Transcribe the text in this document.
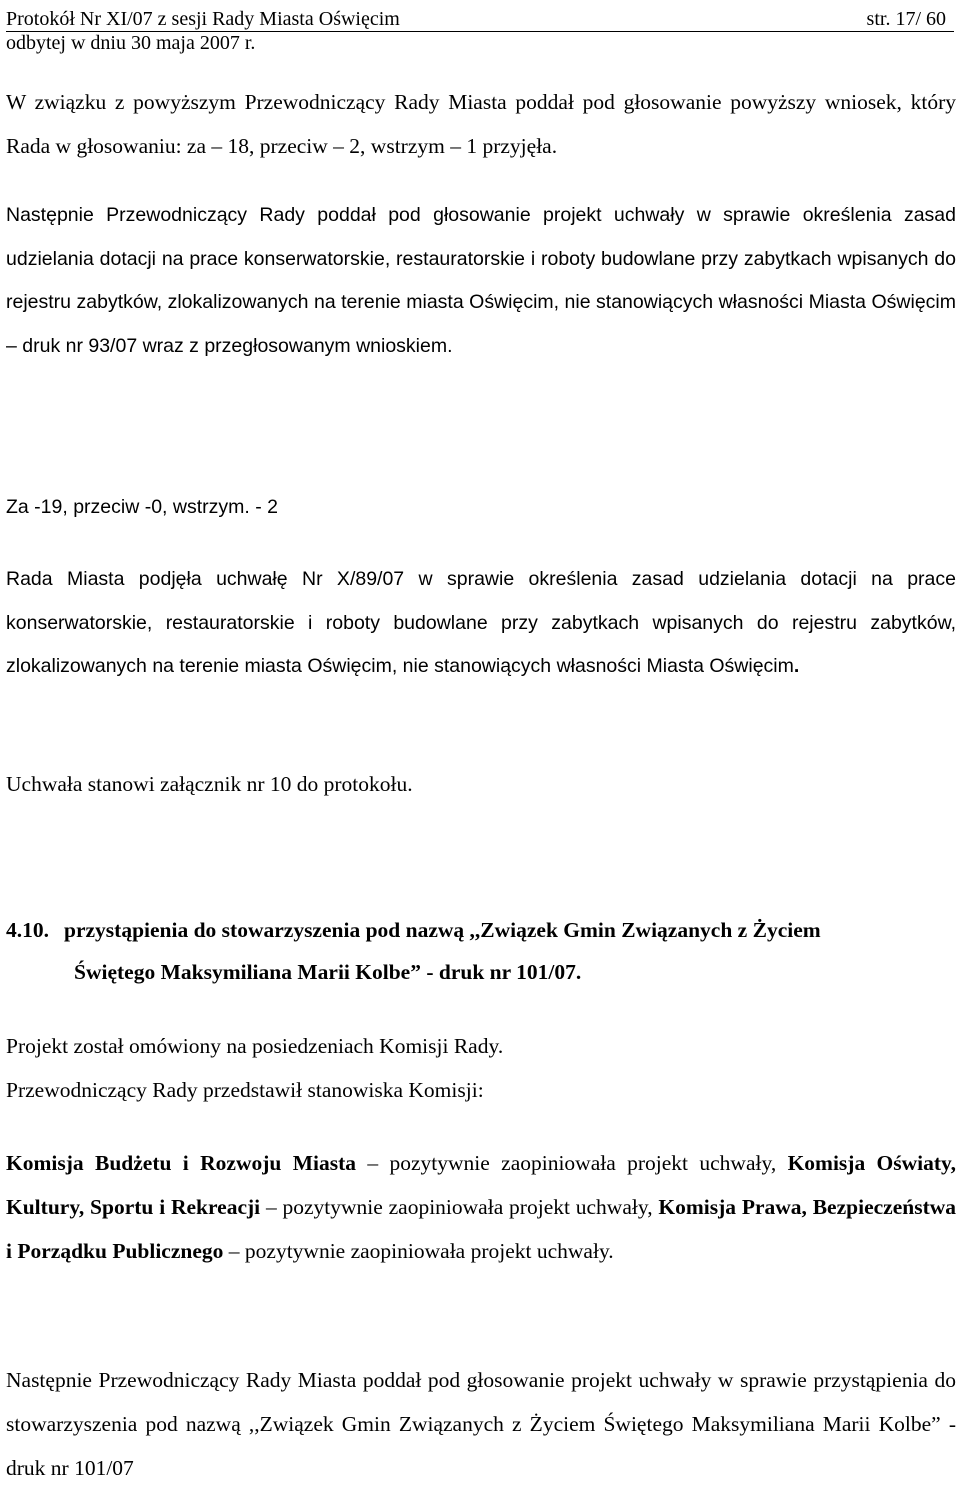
Protokół Nr XI/07 z sesji Rady Miasta Oświęcim	str. 17/ 60
odbytej w dniu 30 maja 2007 r.

W związku z powyższym Przewodniczący Rady Miasta poddał pod głosowanie powyższy wniosek, który Rada w głosowaniu: za – 18, przeciw – 2, wstrzym – 1 przyjęła.

Następnie Przewodniczący Rady poddał pod głosowanie projekt uchwały w sprawie określenia zasad udzielania dotacji na prace konserwatorskie, restauratorskie i roboty budowlane przy zabytkach wpisanych do rejestru zabytków, zlokalizowanych na terenie miasta Oświęcim, nie stanowiących własności Miasta Oświęcim – druk nr 93/07 wraz z przegłosowanym wnioskiem.

Za -19, przeciw -0, wstrzym. - 2

Rada Miasta podjęła uchwałę Nr X/89/07 w sprawie określenia zasad udzielania dotacji na prace konserwatorskie, restauratorskie i roboty budowlane przy zabytkach wpisanych do rejestru zabytków, zlokalizowanych na terenie miasta Oświęcim, nie stanowiących własności Miasta Oświęcim.

Uchwała stanowi załącznik nr 10 do protokołu.

4.10. przystąpienia do stowarzyszenia pod nazwą ,,Związek Gmin Związanych z Życiem
Świętego Maksymiliana Marii Kolbe” - druk nr 101/07.

Projekt został omówiony na posiedzeniach Komisji Rady.

Przewodniczący Rady przedstawił stanowiska Komisji:

Komisja Budżetu i Rozwoju Miasta – pozytywnie zaopiniowała projekt uchwały, Komisja Oświaty, Kultury, Sportu i Rekreacji – pozytywnie zaopiniowała projekt uchwały, Komisja Prawa, Bezpieczeństwa i Porządku Publicznego – pozytywnie zaopiniowała projekt uchwały.

Następnie Przewodniczący Rady Miasta poddał pod głosowanie projekt uchwały w sprawie przystąpienia do stowarzyszenia pod nazwą ,,Związek Gmin Związanych z Życiem Świętego Maksymiliana Marii Kolbe” - druk nr 101/07
